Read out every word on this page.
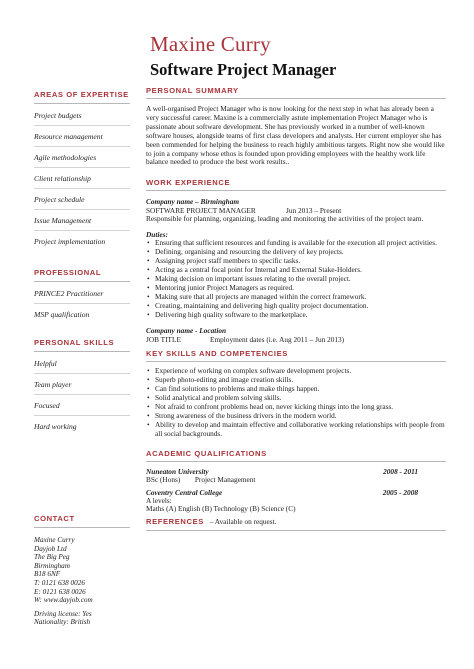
Maxine Curry
Software Project Manager

AREAS OF EXPERTISE

Project budgets
Resource management
Agile methodologies
Client relationship
Project schedule
Issue Management
Project implementation

PROFESSIONAL

PRINCE2 Practitioner
MSP qualification

PERSONAL SKILLS

Helpful
Team player
Focused
Hard working

CONTACT

Maxine Curry
Dayjob Ltd
The Big Peg
Birmingham
B18 6NF
T: 0121 638 0026
E: 0121 638 0026
W: www.dayjob.com
Driving license: Yes
Nationality: British

PERSONAL SUMMARY

A well-organised Project Manager who is now looking for the next step in what has already been a very successful career. Maxine is a commercially astute implementation Project Manager who is passionate about software development. She has previously worked in a number of well-known software houses, alongside teams of first class developers and analysts. Her current employer she has been commended for helping the business to reach highly ambitious targets. Right now she would like to join a company whose ethos is founded upon providing employees with the healthy work life balance needed to produce the best work results..

WORK EXPERIENCE

Company name – Birmingham

SOFTWARE PROJECT MANAGER	Jun 2013 – Present

Responsible for planning, organizing, leading and monitoring the activities of the project team.

Duties:

• Ensuring that sufficient resources and funding is available for the execution all project activities.
• Defining, organising and resourcing the delivery of key projects.
• Assigning project staff members to specific tasks.
• Acting as a central focal point for Internal and External Stake-Holders.
• Making decision on important issues relating to the overall project.
• Mentoring junior Project Managers as required.
• Making sure that all projects are managed within the correct framework.
• Creating, maintaining and delivering high quality project documentation.
• Delivering high quality software to the marketplace.

Company name - Location

JOB TITLE	Employment dates (i.e. Aug 2011 – Jun 2013)

KEY SKILLS AND COMPETENCIES

• Experience of working on complex software development projects.
• Superb photo-editing and image creation skills.
• Can find solutions to problems and make things happen.
• Solid analytical and problem solving skills.
• Not afraid to confront problems head on, never kicking things into the long grass.
• Strong awareness of the business drivers in the modern world.
• Ability to develop and maintain effective and collaborative working relationships with people from all social backgrounds.

ACADEMIC QUALIFICATIONS

Nuneaton University	2008 - 2011

BSc (Hons)        Project Management

Coventry Central College	2005 - 2008

A levels:

Maths (A) English (B) Technology (B) Science (C)

REFERENCES – Available on request.
